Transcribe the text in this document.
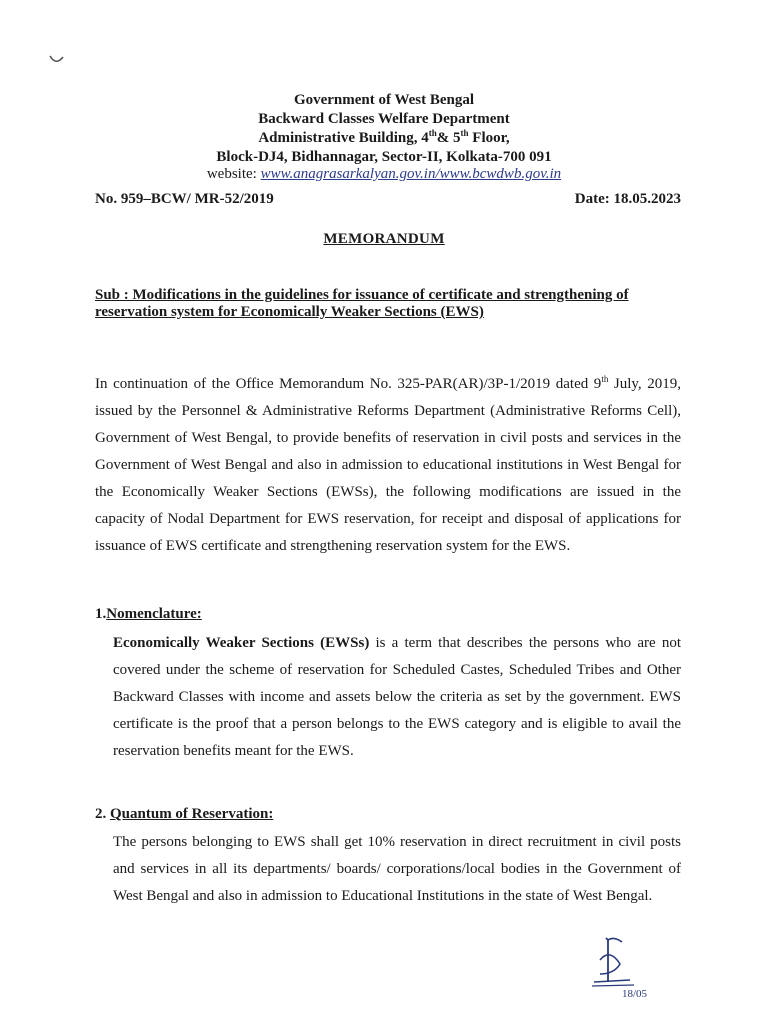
Government of West Bengal
Backward Classes Welfare Department
Administrative Building, 4th& 5th Floor,
Block-DJ4, Bidhannagar, Sector-II, Kolkata-700 091
website: www.anagrasarkalyan.gov.in/www.bcwdwb.gov.in
No. 959–BCW/ MR-52/2019	Date: 18.05.2023
MEMORANDUM
Sub : Modifications in the guidelines for issuance of certificate and strengthening of reservation system for Economically Weaker Sections (EWS)
In continuation of the Office Memorandum No. 325-PAR(AR)/3P-1/2019 dated 9th July, 2019, issued by the Personnel & Administrative Reforms Department (Administrative Reforms Cell), Government of West Bengal, to provide benefits of reservation in civil posts and services in the Government of West Bengal and also in admission to educational institutions in West Bengal for the Economically Weaker Sections (EWSs), the following modifications are issued in the capacity of Nodal Department for EWS reservation, for receipt and disposal of applications for issuance of EWS certificate and strengthening reservation system for the EWS.
1.Nomenclature:
Economically Weaker Sections (EWSs) is a term that describes the persons who are not covered under the scheme of reservation for Scheduled Castes, Scheduled Tribes and Other Backward Classes with income and assets below the criteria as set by the government. EWS certificate is the proof that a person belongs to the EWS category and is eligible to avail the reservation benefits meant for the EWS.
2. Quantum of Reservation:
The persons belonging to EWS shall get 10% reservation in direct recruitment in civil posts and services in all its departments/ boards/ corporations/local bodies in the Government of West Bengal and also in admission to Educational Institutions in the state of West Bengal.
18/05
